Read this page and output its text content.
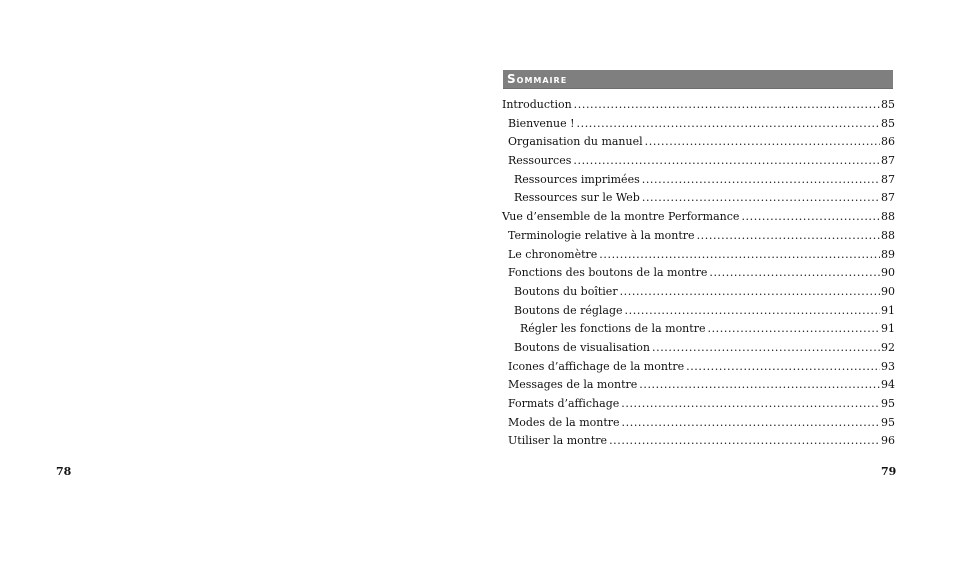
78
Sommaire
Introduction .....	85
Bienvenue ! .....	85
Organisation du manuel .....	86
Ressources .....	87
Ressources imprimées .....	87
Ressources sur le Web .....	87
Vue d’ensemble de la montre Performance .....	88
Terminologie relative à la montre .....	88
Le chronomètre .....	89
Fonctions des boutons de la montre .....	90
Boutons du boîtier .....	90
Boutons de réglage .....	91
Régler les fonctions de la montre .....	91
Boutons de visualisation .....	92
Icones d’affichage de la montre .....	93
Messages de la montre .....	94
Formats d’affichage .....	95
Modes de la montre .....	95
Utiliser la montre .....	96
79
